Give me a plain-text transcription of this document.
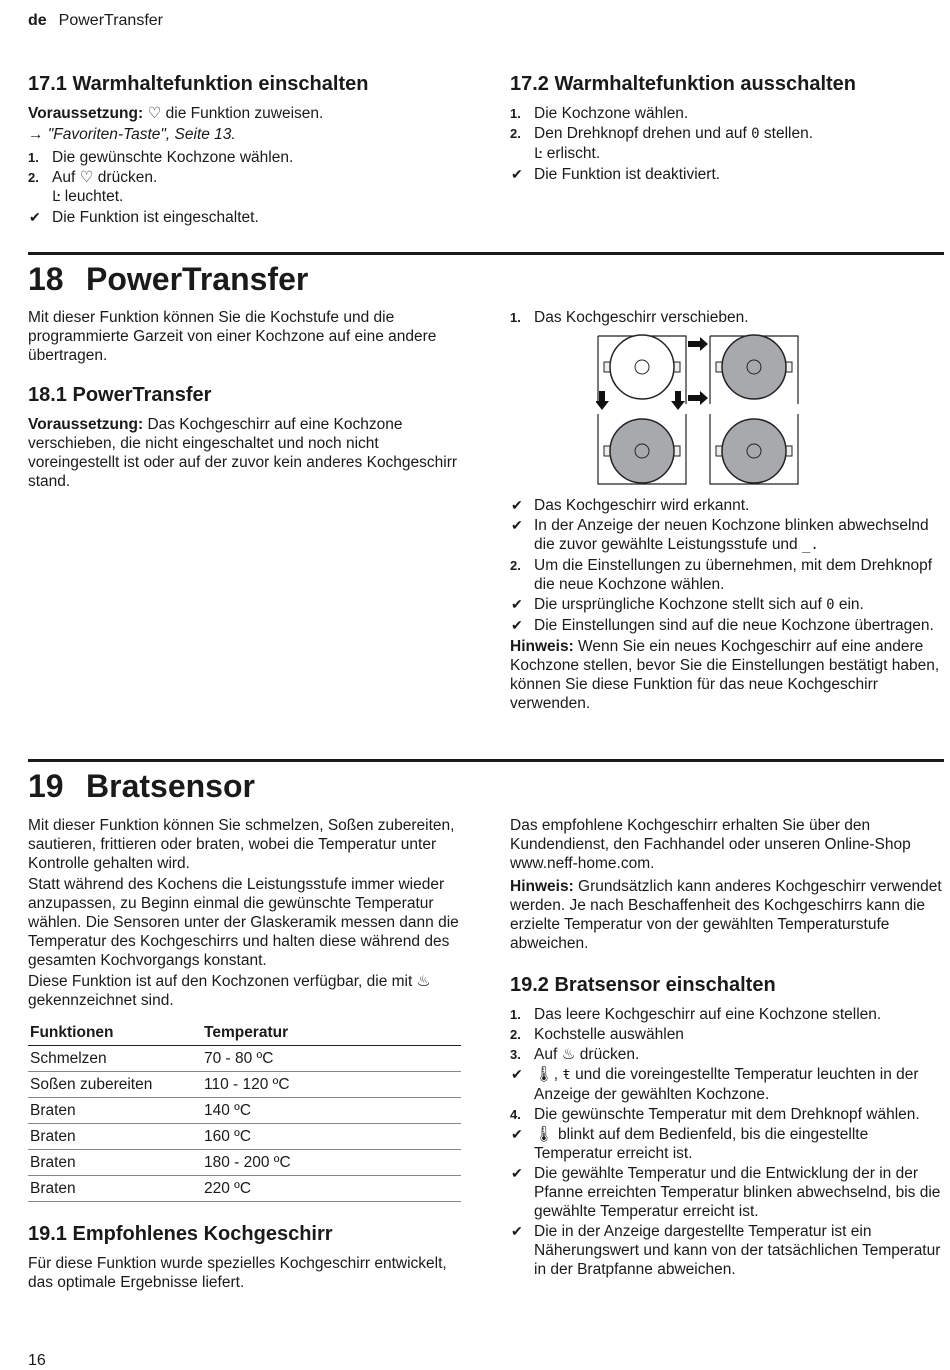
de PowerTransfer
17.1 Warmhaltefunktion einschalten

Voraussetzung: ♡ die Funktion zuweisen.

→ "Favoriten-Taste", Seite 13.

1. Die gewünschte Kochzone wählen.
2. Auf ♡ drücken.
Ŀ leuchtet.
✔ Die Funktion ist eingeschaltet.
17.2 Warmhaltefunktion ausschalten
1. Die Kochzone wählen.
2. Den Drehknopf drehen und auf 0 stellen.
Ŀ erlischt.
✔ Die Funktion ist deaktiviert.
18 PowerTransfer

Mit dieser Funktion können Sie die Kochstufe und die programmierte Garzeit von einer Kochzone auf eine andere übertragen.

18.1 PowerTransfer

Voraussetzung: Das Kochgeschirr auf eine Kochzone verschieben, die nicht eingeschaltet und noch nicht voreingestellt ist oder auf der zuvor kein anderes Kochgeschirr stand.

1. Das Kochgeschirr verschieben.
✔ Das Kochgeschirr wird erkannt.
✔ In der Anzeige der neuen Kochzone blinken abwechselnd die zuvor gewählte Leistungsstufe und _.
2. Um die Einstellungen zu übernehmen, mit dem Drehknopf die neue Kochzone wählen.
✔ Die ursprüngliche Kochzone stellt sich auf 0 ein.
✔ Die Einstellungen sind auf die neue Kochzone übertragen.

Hinweis: Wenn Sie ein neues Kochgeschirr auf eine andere Kochzone stellen, bevor Sie die Einstellungen bestätigt haben, können Sie diese Funktion für das neue Kochgeschirr verwenden.

19 Bratsensor

Mit dieser Funktion können Sie schmelzen, Soßen zubereiten, sautieren, frittieren oder braten, wobei die Temperatur unter Kontrolle gehalten wird.

Statt während des Kochens die Leistungsstufe immer wieder anzupassen, zu Beginn einmal die gewünschte Temperatur wählen. Die Sensoren unter der Glaskeramik messen dann die Temperatur des Kochgeschirrs und halten diese während des gesamten Kochvorgangs konstant.

Diese Funktion ist auf den Kochzonen verfügbar, die mit ♨ gekennzeichnet sind.

Funktionen	Temperatur
Schmelzen	70 - 80 ºC
Soßen zubereiten	110 - 120 ºC
Braten	140 ºC
Braten	160 ºC
Braten	180 - 200 ºC
Braten	220 ºC
19.1 Empfohlenes Kochgeschirr

Für diese Funktion wurde spezielles Kochgeschirr entwickelt, das optimale Ergebnisse liefert.

Das empfohlene Kochgeschirr erhalten Sie über den Kundendienst, den Fachhandel oder unseren Online-Shop www.neff-home.com.

Hinweis: Grundsätzlich kann anderes Kochgeschirr verwendet werden. Je nach Beschaffenheit des Kochgeschirrs kann die erzielte Temperatur von der gewählten Temperaturstufe abweichen.

19.2 Bratsensor einschalten
1. Das leere Kochgeschirr auf eine Kochzone stellen.
2. Kochstelle auswählen
3. Auf ♨ drücken.
✔ 🌡, ŧ und die voreingestellte Temperatur leuchten in der Anzeige der gewählten Kochzone.
4. Die gewünschte Temperatur mit dem Drehknopf wählen.
✔ 🌡 blinkt auf dem Bedienfeld, bis die eingestellte Temperatur erreicht ist.
✔ Die gewählte Temperatur und die Entwicklung der in der Pfanne erreichten Temperatur blinken abwechselnd, bis die gewählte Temperatur erreicht ist.
✔ Die in der Anzeige dargestellte Temperatur ist ein Näherungswert und kann von der tatsächlichen Temperatur in der Bratpfanne abweichen.
16
